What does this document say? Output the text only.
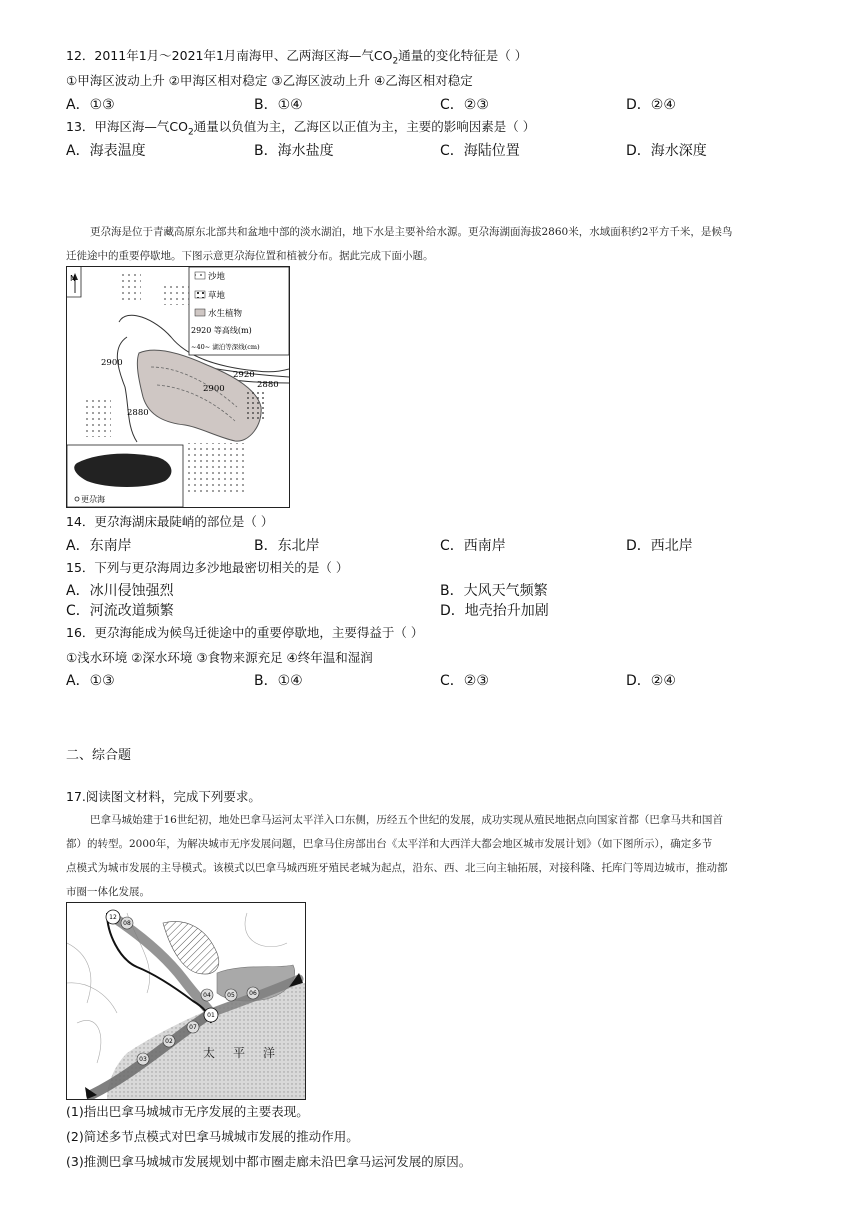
12．2011年1月～2021年1月南海甲、乙两海区海—气$CO_2$通量的变化特征是（ ）
①甲海区波动上升 ②甲海区相对稳定 ③乙海区波动上升 ④乙海区相对稳定
A．①③	B．①④	C．②③	D．②④
13．甲海区海—气$CO_2$通量以负值为主，乙海区以正值为主，主要的影响因素是（ ）
A．海表温度	B．海水盐度	C．海陆位置	D．海水深度
更尕海是位于青藏高原东北部共和盆地中部的淡水湖泊，地下水是主要补给水源。更尕海湖面海拔2860米，水域面积约2平方千米，是候鸟
迁徙途中的重要停歇地。下图示意更尕海位置和植被分布。据此完成下面小题。
N
2900
2920
2900	2880
2880
沙地
草地
水生植物
2920 等高线(m)
~40~ 湖泊等深线(cm)
更尕海
14．更尕海湖床最陡峭的部位是（ ）
A．东南岸	B．东北岸	C．西南岸	D．西北岸
15．下列与更尕海周边多沙地最密切相关的是（ ）
A．冰川侵蚀强烈	B．大风天气频繁
C．河流改道频繁	D．地壳抬升加剧
16．更尕海能成为候鸟迁徙途中的重要停歇地，主要得益于（ ）
①浅水环境 ②深水环境 ③食物来源充足 ④终年温和湿润
A．①③	B．①④	C．②③	D．②④
二、综合题
17.阅读图文材料，完成下列要求。
巴拿马城始建于16世纪初，地处巴拿马运河太平洋入口东侧，历经五个世纪的发展，成功实现从殖民地据点向国家首都（巴拿马共和国首
都）的转型。2000年，为解决城市无序发展问题，巴拿马住房部出台《太平洋和大西洋大都会地区城市发展计划》（如下图所示），确定多节
点模式为城市发展的主导模式。该模式以巴拿马城西班牙殖民老城为起点，沿东、西、北三向主轴拓展，对接科隆、托库门等周边城市，推动都
市圈一体化发展。
12
01
02
03
04	05 06
07
08
太 平 洋
(1)指出巴拿马城城市无序发展的主要表现。
(2)简述多节点模式对巴拿马城城市发展的推动作用。
(3)推测巴拿马城城市发展规划中都市圈走廊未沿巴拿马运河发展的原因。
